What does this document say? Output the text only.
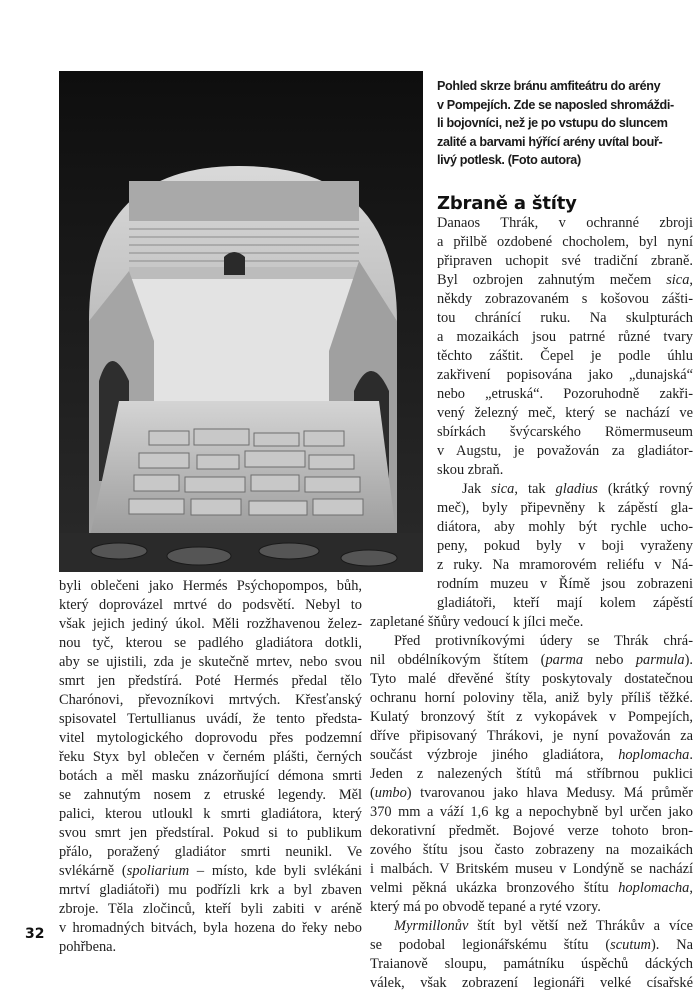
Pohled skrze bránu amfiteátru do arény
v Pompejích. Zde se naposled shromáždi-
li bojovníci, než je po vstupu do sluncem
zalité a barvami hýřící arény uvítal bouř-
livý potlesk. (Foto autora)
Zbraně a štíty
Danaos Thrák, v ochranné zbroji
a přilbě ozdobené chocholem, byl nyní
připraven uchopit své tradiční zbraně.
Byl ozbrojen zahnutým mečem sica,
někdy zobrazovaném s košovou zášti-
tou chránící ruku. Na skulpturách
a mozaikách jsou patrné různé tvary
těchto záštit. Čepel je podle úhlu
zakřivení popisována jako „dunajská“
nebo „etruská“. Pozoruhodně zakři-
vený železný meč, který se nachází ve
sbírkách švýcarského Römermuseum
v Augstu, je považován za gladiátor-
skou zbraň.
Jak sica, tak gladius (krátký rovný
meč), byly připevněny k zápěstí gla-
diátora, aby mohly být rychle ucho-
peny, pokud byly v boji vyraženy
z ruky. Na mramorovém reliéfu v Ná-
rodním muzeu v Římě jsou zobrazeni
gladiátoři, kteří mají kolem zápěstí
zapletané šňůry vedoucí k jílci meče.
Před protivníkovými údery se Thrák chrá-
nil obdélníkovým štítem (parma nebo parmula).
Tyto malé dřevěné štíty poskytovaly dostatečnou
ochranu horní poloviny těla, aniž byly příliš těžké.
Kulatý bronzový štít z vykopávek v Pompejích,
dříve připisovaný Thrákovi, je nyní považován za
součást výzbroje jiného gladiátora, hoplomacha.
Jeden z nalezených štítů má stříbrnou puklici
(umbo) tvarovanou jako hlava Medusy. Má průměr
370 mm a váží 1,6 kg a nepochybně byl určen jako
dekorativní předmět. Bojové verze tohoto bron-
zového štítu jsou často zobrazeny na mozaikách
i malbách. V Britském museu v Londýně se nachází
velmi pěkná ukázka bronzového štítu hoplomacha,
který má po obvodě tepané a ryté vzory.
Myrmillonův štít byl větší než Thrákův a více
se podobal legionářskému štítu (scutum). Na
Traianově sloupu, památníku úspěchů dáckých
válek, však zobrazení legionáři velké císařské
byli oblečeni jako Hermés Psýchopompos, bůh,
který doprovázel mrtvé do podsvětí. Nebyl to
však jejich jediný úkol. Měli rozžhavenou želez-
nou tyč, kterou se padlého gladiátora dotkli,
aby se ujistili, zda je skutečně mrtev, nebo svou
smrt jen předstírá. Poté Hermés předal tělo
Charónovi, převozníkovi mrtvých. Křesťanský
spisovatel Tertullianus uvádí, že tento předsta-
vitel mytologického doprovodu přes podzemní
řeku Styx byl oblečen v černém plášti, černých
botách a měl masku znázorňující démona smrti
se zahnutým nosem z etruské legendy. Měl
palici, kterou utloukl k smrti gladiátora, který
svou smrt jen předstíral. Pokud si to publikum
přálo, poražený gladiátor smrti neunikl. Ve
svlékárně (spoliarium – místo, kde byli svlékáni
mrtví gladiátoři) mu podřízli krk a byl zbaven
zbroje. Těla zločinců, kteří byli zabiti v aréně
v hromadných bitvách, byla hozena do řeky nebo
pohřbena.
32
